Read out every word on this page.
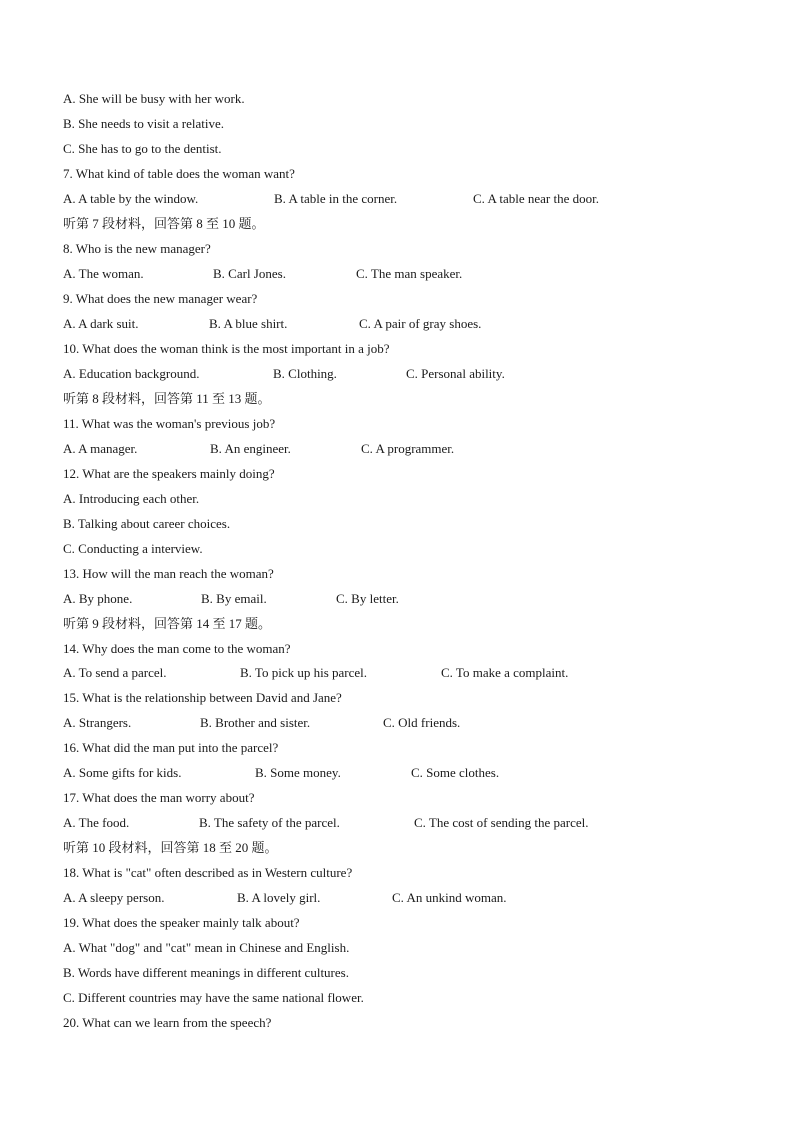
A. She will be busy with her work.
B. She needs to visit a relative.
C. She has to go to the dentist.
7. What kind of table does the woman want?
A. A table by the window.	B. A table in the corner.	C. A table near the door.
听第 7 段材料，回答第 8 至 10 题。
8. Who is the new manager?
A. The woman.	B. Carl Jones.	C. The man speaker.
9. What does the new manager wear?
A. A dark suit.	B. A blue shirt.	C. A pair of gray shoes.
10. What does the woman think is the most important in a job?
A. Education background.	B. Clothing.	C. Personal ability.
听第 8 段材料，回答第 11 至 13 题。
11. What was the woman's previous job?
A. A manager.	B. An engineer.	C. A programmer.
12. What are the speakers mainly doing?
A. Introducing each other.
B. Talking about career choices.
C. Conducting a interview.
13. How will the man reach the woman?
A. By phone.	B. By email.	C. By letter.
听第 9 段材料，回答第 14 至 17 题。
14. Why does the man come to the woman?
A. To send a parcel.	B. To pick up his parcel.	C. To make a complaint.
15. What is the relationship between David and Jane?
A. Strangers.	B. Brother and sister.	C. Old friends.
16. What did the man put into the parcel?
A. Some gifts for kids.	B. Some money.	C. Some clothes.
17. What does the man worry about?
A. The food.	B. The safety of the parcel.	C. The cost of sending the parcel.
听第 10 段材料，回答第 18 至 20 题。
18. What is "cat" often described as in Western culture?
A. A sleepy person.	B. A lovely girl.	C. An unkind woman.
19. What does the speaker mainly talk about?
A. What "dog" and "cat" mean in Chinese and English.
B. Words have different meanings in different cultures.
C. Different countries may have the same national flower.
20. What can we learn from the speech?
